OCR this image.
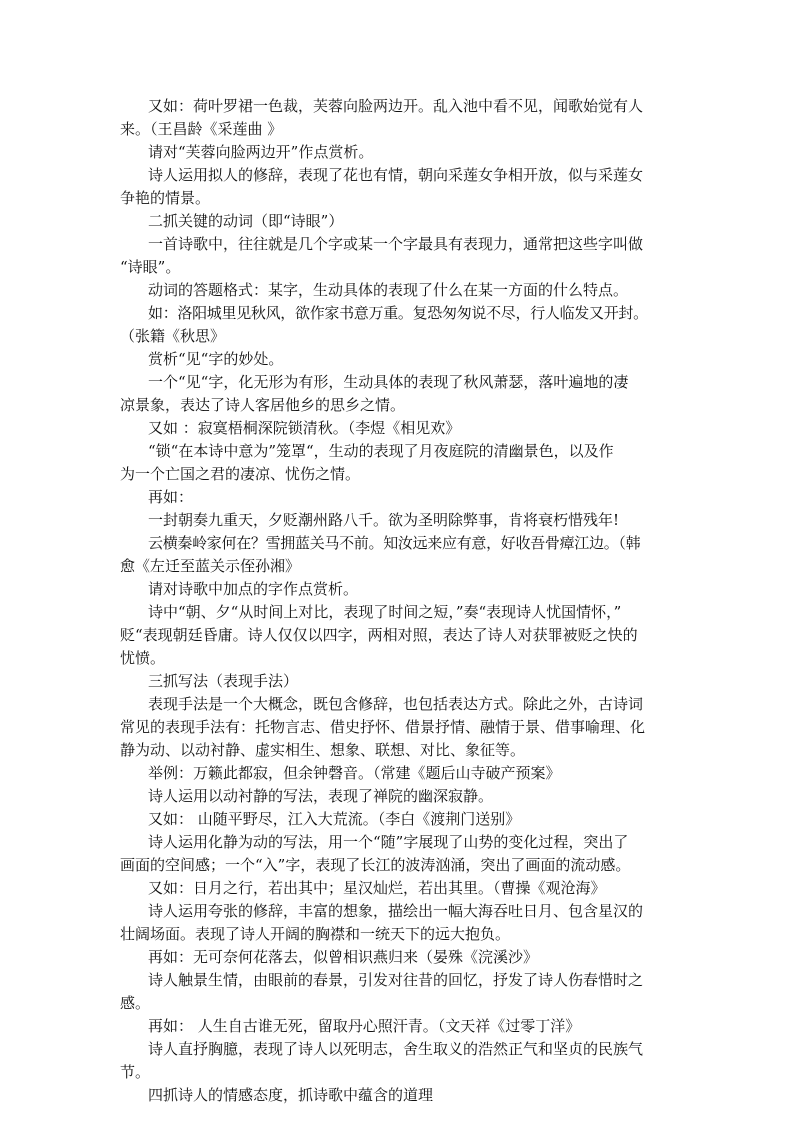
又如：荷叶罗裙一色裁，芙蓉向脸两边开。乱入池中看不见，闻歌始觉有人
来。（王昌龄《采莲曲 》
请对“芙蓉向脸两边开”作点赏析。
诗人运用拟人的修辞，表现了花也有情，朝向采莲女争相开放，似与采莲女
争艳的情景。
二抓关键的动词（即“诗眼”）
一首诗歌中，往往就是几个字或某一个字最具有表现力，通常把这些字叫做
“诗眼”。
动词的答题格式：某字，生动具体的表现了什么在某一方面的什么特点。
如：洛阳城里见秋风，欲作家书意万重。复恐匆匆说不尽，行人临发又开封。
（张籍《秋思》
赏析“见“字的妙处。
一个“见“字，化无形为有形，生动具体的表现了秋风萧瑟，落叶遍地的凄
凉景象，表达了诗人客居他乡的思乡之情。
又如 ：寂寞梧桐深院锁清秋。（李煜《相见欢》
“锁“在本诗中意为”笼罩“，生动的表现了月夜庭院的清幽景色，以及作
为一个亡国之君的凄凉、忧伤之情。
再如：
一封朝奏九重天，夕贬潮州路八千。欲为圣明除弊事，肯将衰朽惜残年!
云横秦岭家何在？雪拥蓝关马不前。知汝远来应有意，好收吾骨瘴江边。（韩
愈《左迁至蓝关示侄孙湘》
请对诗歌中加点的字作点赏析。
诗中“朝、夕“从时间上对比，表现了时间之短，”奏“表现诗人忧国情怀，”
贬“表现朝廷昏庸。诗人仅仅以四字，两相对照，表达了诗人对获罪被贬之快的
忧愤。
三抓写法（表现手法）
表现手法是一个大概念，既包含修辞，也包括表达方式。除此之外，古诗词
常见的表现手法有：托物言志、借史抒怀、借景抒情、融情于景、借事喻理、化
静为动、以动衬静、虚实相生、想象、联想、对比、象征等。
举例：万籁此都寂，但余钟磬音。（常建《题后山寺破产预案》
诗人运用以动衬静的写法，表现了禅院的幽深寂静。
又如： 山随平野尽，江入大荒流。（李白《渡荆门送别》
诗人运用化静为动的写法，用一个“随”字展现了山势的变化过程，突出了
画面的空间感；一个“入”字，表现了长江的波涛汹涌，突出了画面的流动感。
又如：日月之行，若出其中；星汉灿烂，若出其里。（曹操《观沧海》
诗人运用夸张的修辞，丰富的想象，描绘出一幅大海吞吐日月、包含星汉的
壮阔场面。表现了诗人开阔的胸襟和一统天下的远大抱负。
再如：无可奈何花落去，似曾相识燕归来（晏殊《浣溪沙》
诗人触景生情，由眼前的春景，引发对往昔的回忆，抒发了诗人伤春惜时之
感。
再如： 人生自古谁无死，留取丹心照汗青。（文天祥《过零丁洋》
诗人直抒胸臆，表现了诗人以死明志，舍生取义的浩然正气和坚贞的民族气
节。
四抓诗人的情感态度，抓诗歌中蕴含的道理
